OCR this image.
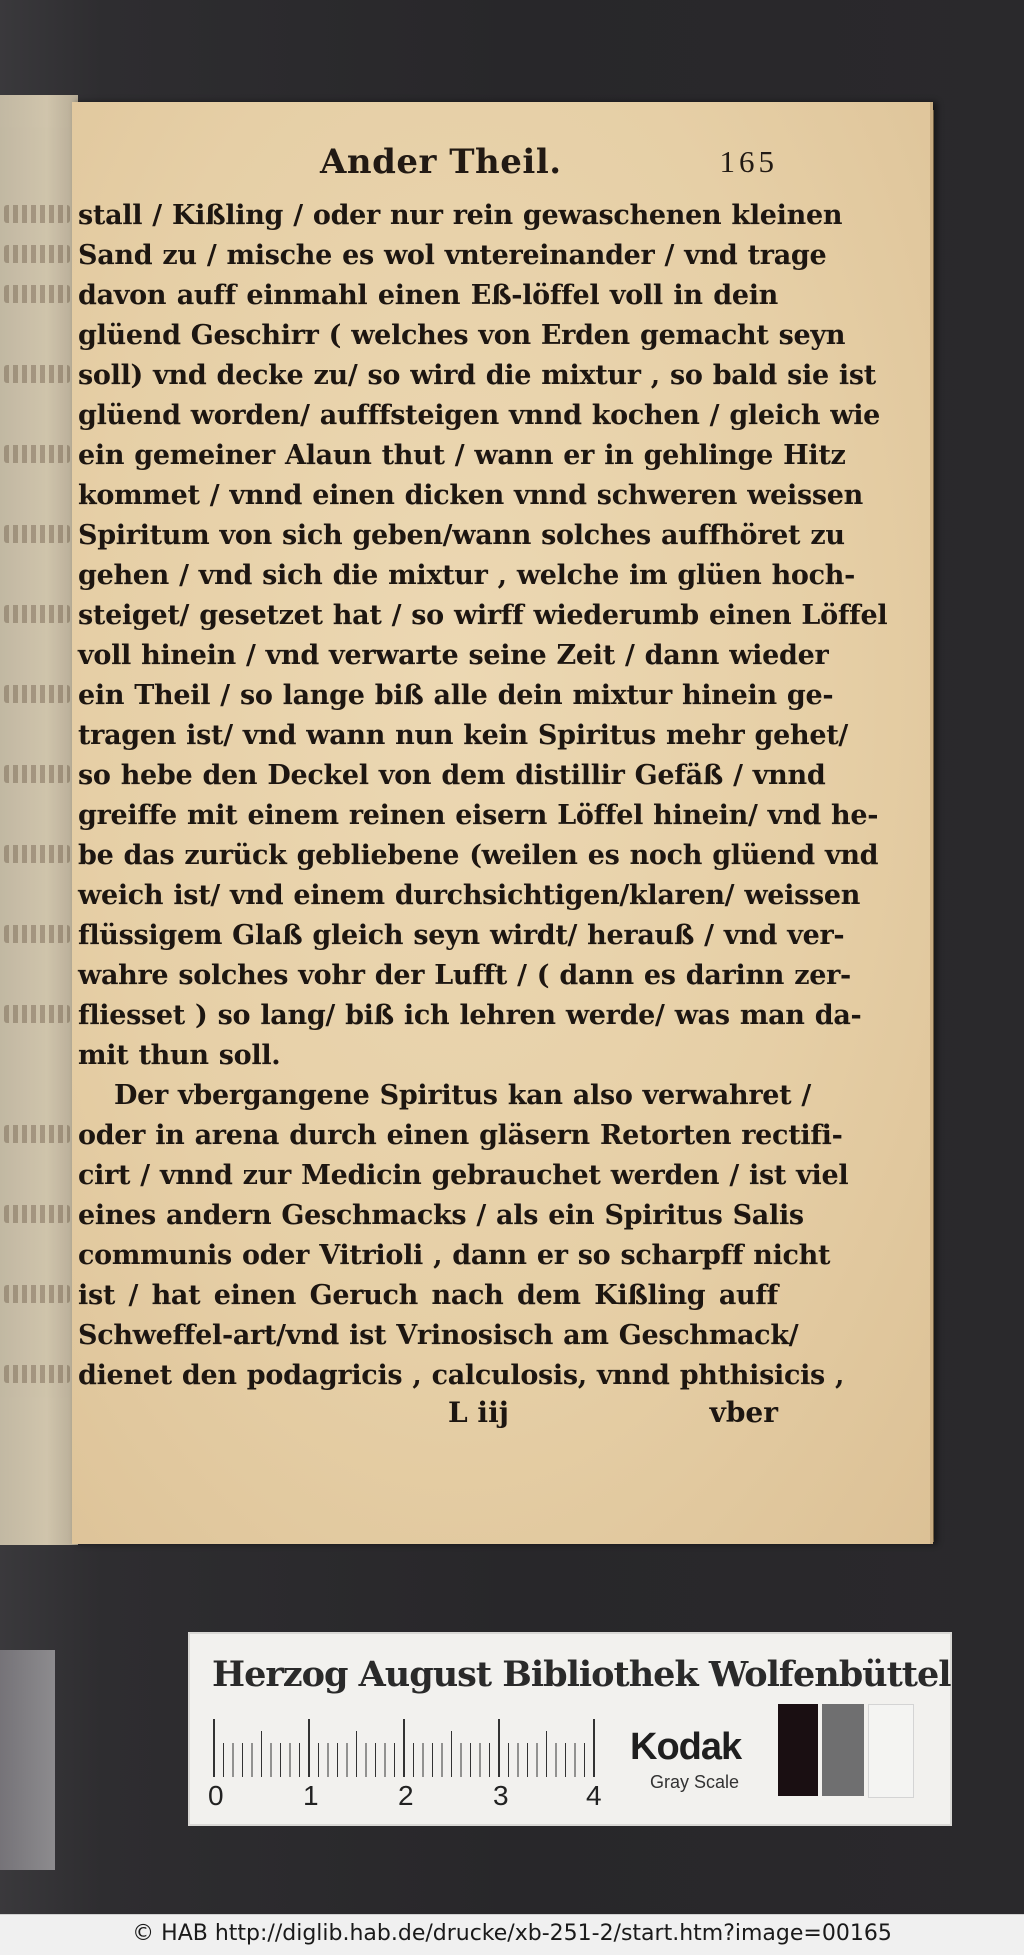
Ander Theil.	165
stall / Kißling / oder nur rein gewaschenen kleinen
Sand zu / mische es wol vntereinander / vnd trage
davon auff einmahl einen Eß-löffel voll in dein
glüend Geschirr ( welches von Erden gemacht seyn
soll) vnd decke zu/ so wird die mixtur , so bald sie ist
glüend worden/ aufffsteigen vnnd kochen / gleich wie
ein gemeiner Alaun thut / wann er in gehlinge Hitz
kommet / vnnd einen dicken vnnd schweren weissen
Spiritum von sich geben/wann solches auffhöret zu
gehen / vnd sich die mixtur , welche im glüen hoch-
steiget/ gesetzet hat / so wirff wiederumb einen Löffel
voll hinein / vnd verwarte seine Zeit / dann wieder
ein Theil / so lange biß alle dein mixtur hinein ge-
tragen ist/ vnd wann nun kein Spiritus mehr gehet/
so hebe den Deckel von dem distillir Gefäß / vnnd
greiffe mit einem reinen eisern Löffel hinein/ vnd he-
be das zurück gebliebene (weilen es noch glüend vnd
weich ist/ vnd einem durchsichtigen/klaren/ weissen
flüssigem Glaß gleich seyn wirdt/ herauß / vnd ver-
wahre solches vohr der Lufft / ( dann es darinn zer-
fliesset ) so lang/ biß ich lehren werde/ was man da-
mit thun soll.
Der vbergangene Spiritus kan also verwahret /
oder in arena durch einen gläsern Retorten rectifi-
cirt / vnnd zur Medicin gebrauchet werden / ist viel
eines andern Geschmacks / als ein Spiritus Salis
communis oder Vitrioli , dann er so scharpff nicht
ist / hat einen Geruch nach dem Kißling auff
Schweffel-art/vnd ist Vrinosisch am Geschmack/
dienet den podagricis , calculosis, vnnd phthisicis ,
L iij	vber
Herzog August Bibliothek Wolfenbüttel
0	1	2	3	4
Kodak
Gray Scale
© HAB http://diglib.hab.de/drucke/xb-251-2/start.htm?image=00165
